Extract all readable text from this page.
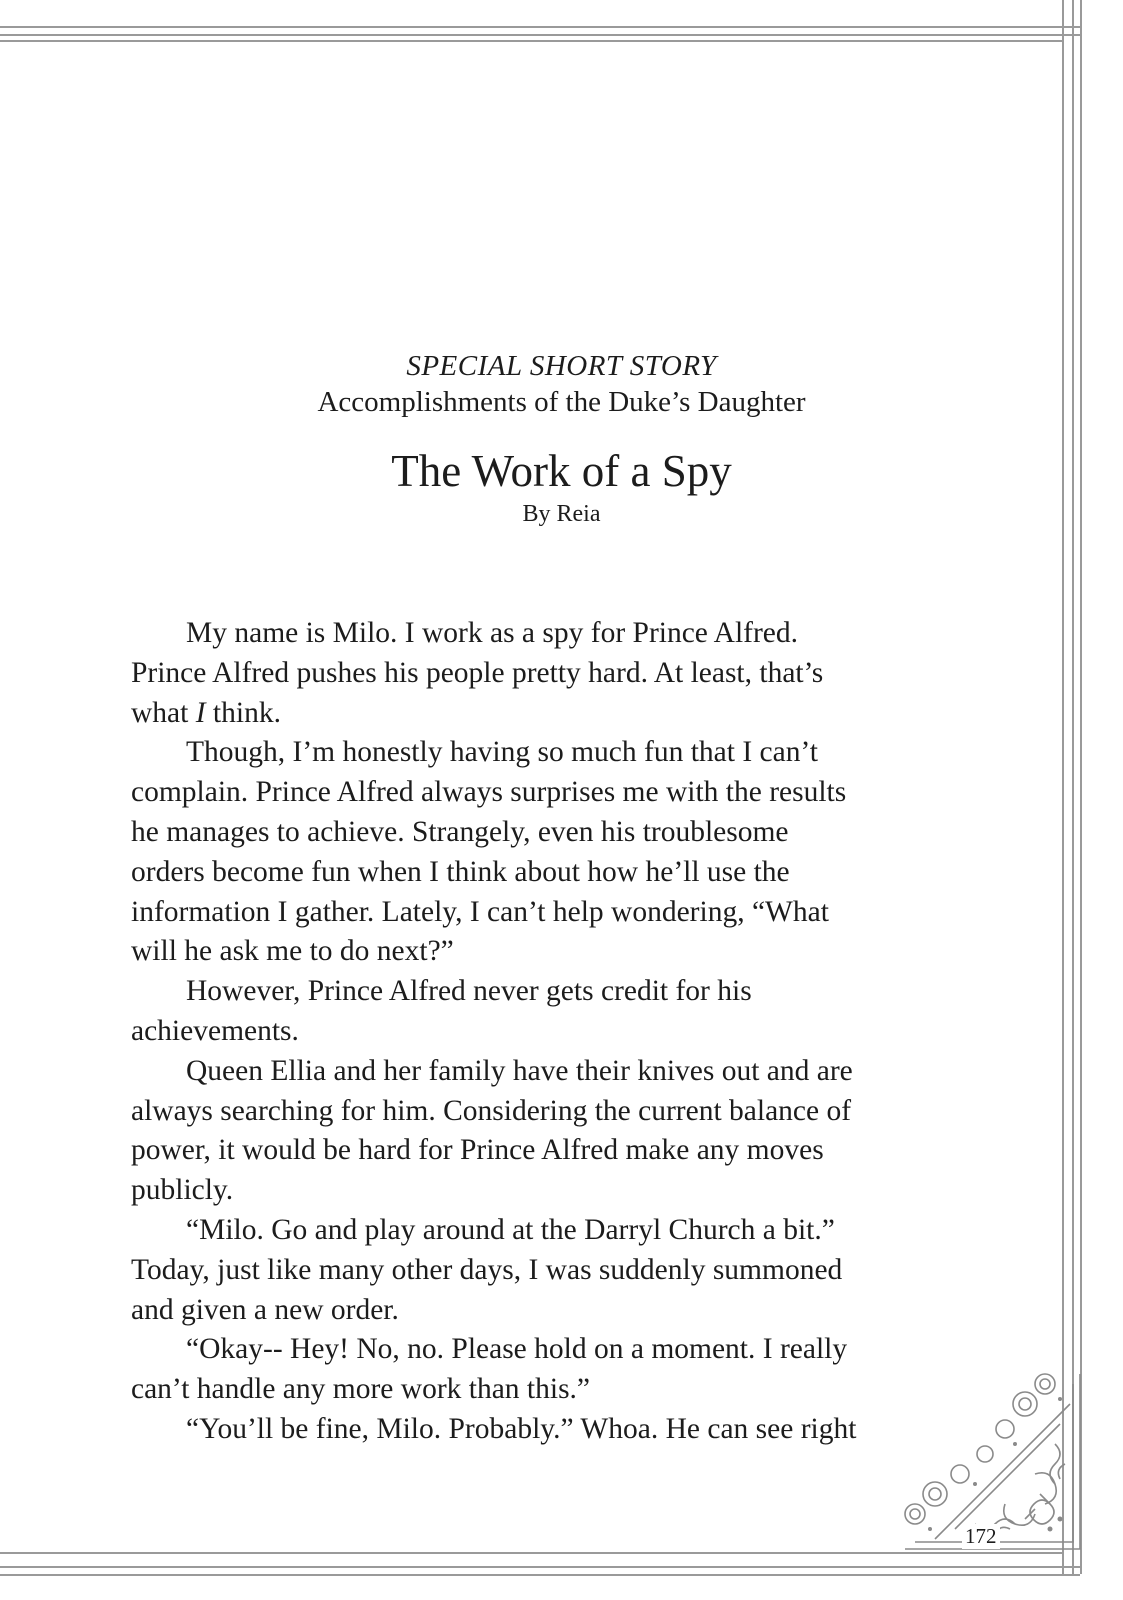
SPECIAL SHORT STORY

Accomplishments of the Duke’s Daughter

The Work of a Spy

By Reia

My name is Milo. I work as a spy for Prince Alfred.
Prince Alfred pushes his people pretty hard. At least, that’s
what I think.
Though, I’m honestly having so much fun that I can’t
complain. Prince Alfred always surprises me with the results
he manages to achieve. Strangely, even his troublesome
orders become fun when I think about how he’ll use the
information I gather. Lately, I can’t help wondering, “What
will he ask me to do next?”
However, Prince Alfred never gets credit for his
achievements.
Queen Ellia and her family have their knives out and are
always searching for him. Considering the current balance of
power, it would be hard for Prince Alfred make any moves
publicly.
“Milo. Go and play around at the Darryl Church a bit.”
Today, just like many other days, I was suddenly summoned
and given a new order.
“Okay-- Hey! No, no. Please hold on a moment. I really
can’t handle any more work than this.”
“You’ll be fine, Milo. Probably.” Whoa. He can see right
172
